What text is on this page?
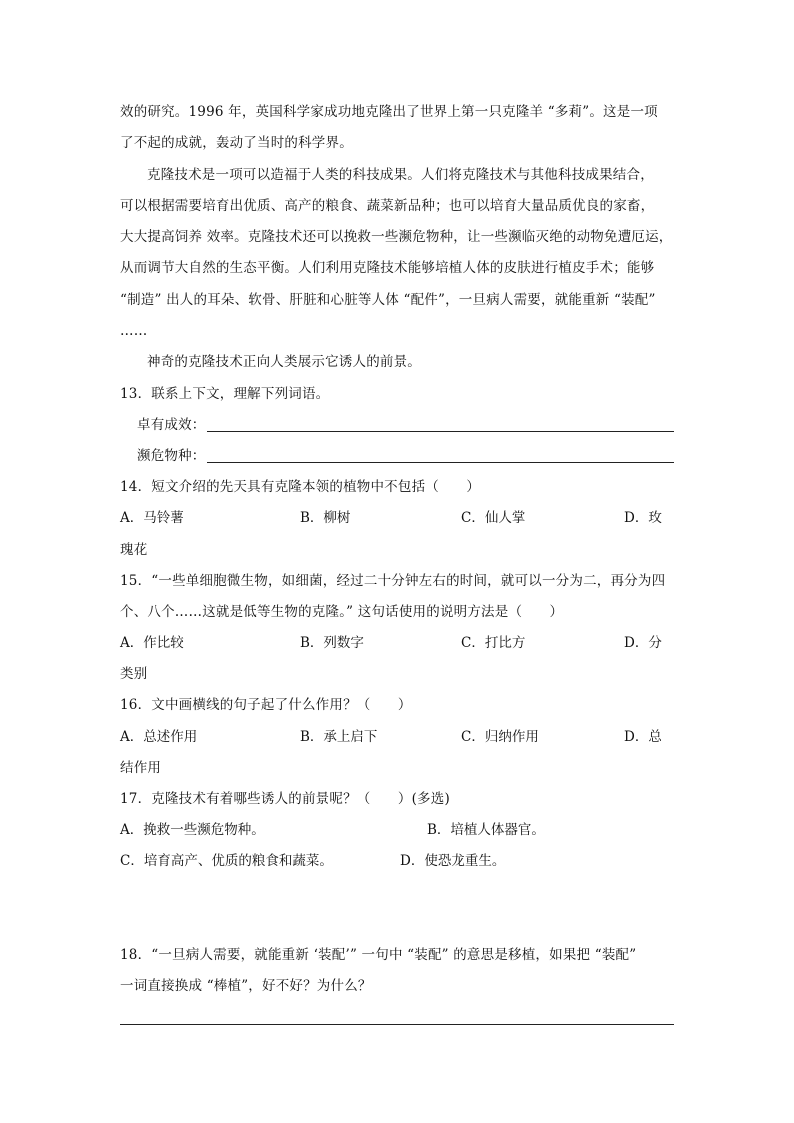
效的研究。1996 年，英国科学家成功地克隆出了世界上第一只克隆羊 “多莉”。这是一项
了不起的成就，轰动了当时的科学界。
克隆技术是一项可以造福于人类的科技成果。人们将克隆技术与其他科技成果结合，
可以根据需要培育出优质、高产的粮食、蔬菜新品种；也可以培育大量品质优良的家畜，
大大提高饲养 效率。克隆技术还可以挽救一些濒危物种，让一些濒临灭绝的动物免遭厄运，
从而调节大自然的生态平衡。人们利用克隆技术能够培植人体的皮肤进行植皮手术；能够
“制造” 出人的耳朵、软骨、肝脏和心脏等人体 “配件”，一旦病人需要，就能重新 “装配”
……
神奇的克隆技术正向人类展示它诱人的前景。
13．联系上下文，理解下列词语。
卓有成效：
濒危物种：
14．短文介绍的先天具有克隆本领的植物中不包括（　　）
A．马铃薯	B．柳树	C．仙人掌	D．玫
瑰花
15．“一些单细胞微生物，如细菌，经过二十分钟左右的时间，就可以一分为二，再分为四
个、八个……这就是低等生物的克隆。” 这句话使用的说明方法是（　　）
A．作比较	B．列数字	C．打比方	D．分
类别
16．文中画横线的句子起了什么作用？（　　）
A．总述作用	B．承上启下	C．归纳作用	D．总
结作用
17．克隆技术有着哪些诱人的前景呢？（　　）(多选)
A．挽救一些濒危物种。	B．培植人体器官。
C．培育高产、优质的粮食和蔬菜。	D．使恐龙重生。
18．“一旦病人需要，就能重新 ‘装配’” 一句中 “装配” 的意思是移植，如果把 “装配”
一词直接换成 “棒植”，好不好？为什么？
